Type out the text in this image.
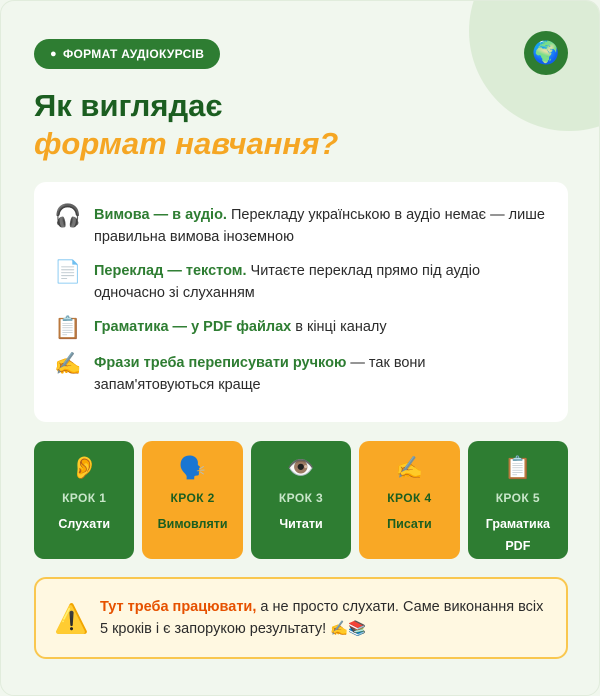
● ФОРМАТ АУДІОКУРСІВ	🌍
Як виглядає
формат навчання?
🎧 Вимова — в аудіо. Перекладу українською в аудіо немає — лише правильна вимова іноземною
📄 Переклад — текстом. Читаєте переклад прямо під аудіо одночасно зі слуханням
📋 Граматика — у PDF файлах в кінці каналу
✍️ Фрази треба переписувати ручкою — так вони запам'ятовуються краще
👂
КРОК 1
Слухати
🗣️
КРОК 2
Вимовляти
👁️
КРОК 3
Читати
✍️
КРОК 4
Писати
📋
КРОК 5
Граматика PDF
⚠️ Тут треба працювати, а не просто слухати. Саме виконання всіх 5 кроків і є запорукою результату! ✍️📚
